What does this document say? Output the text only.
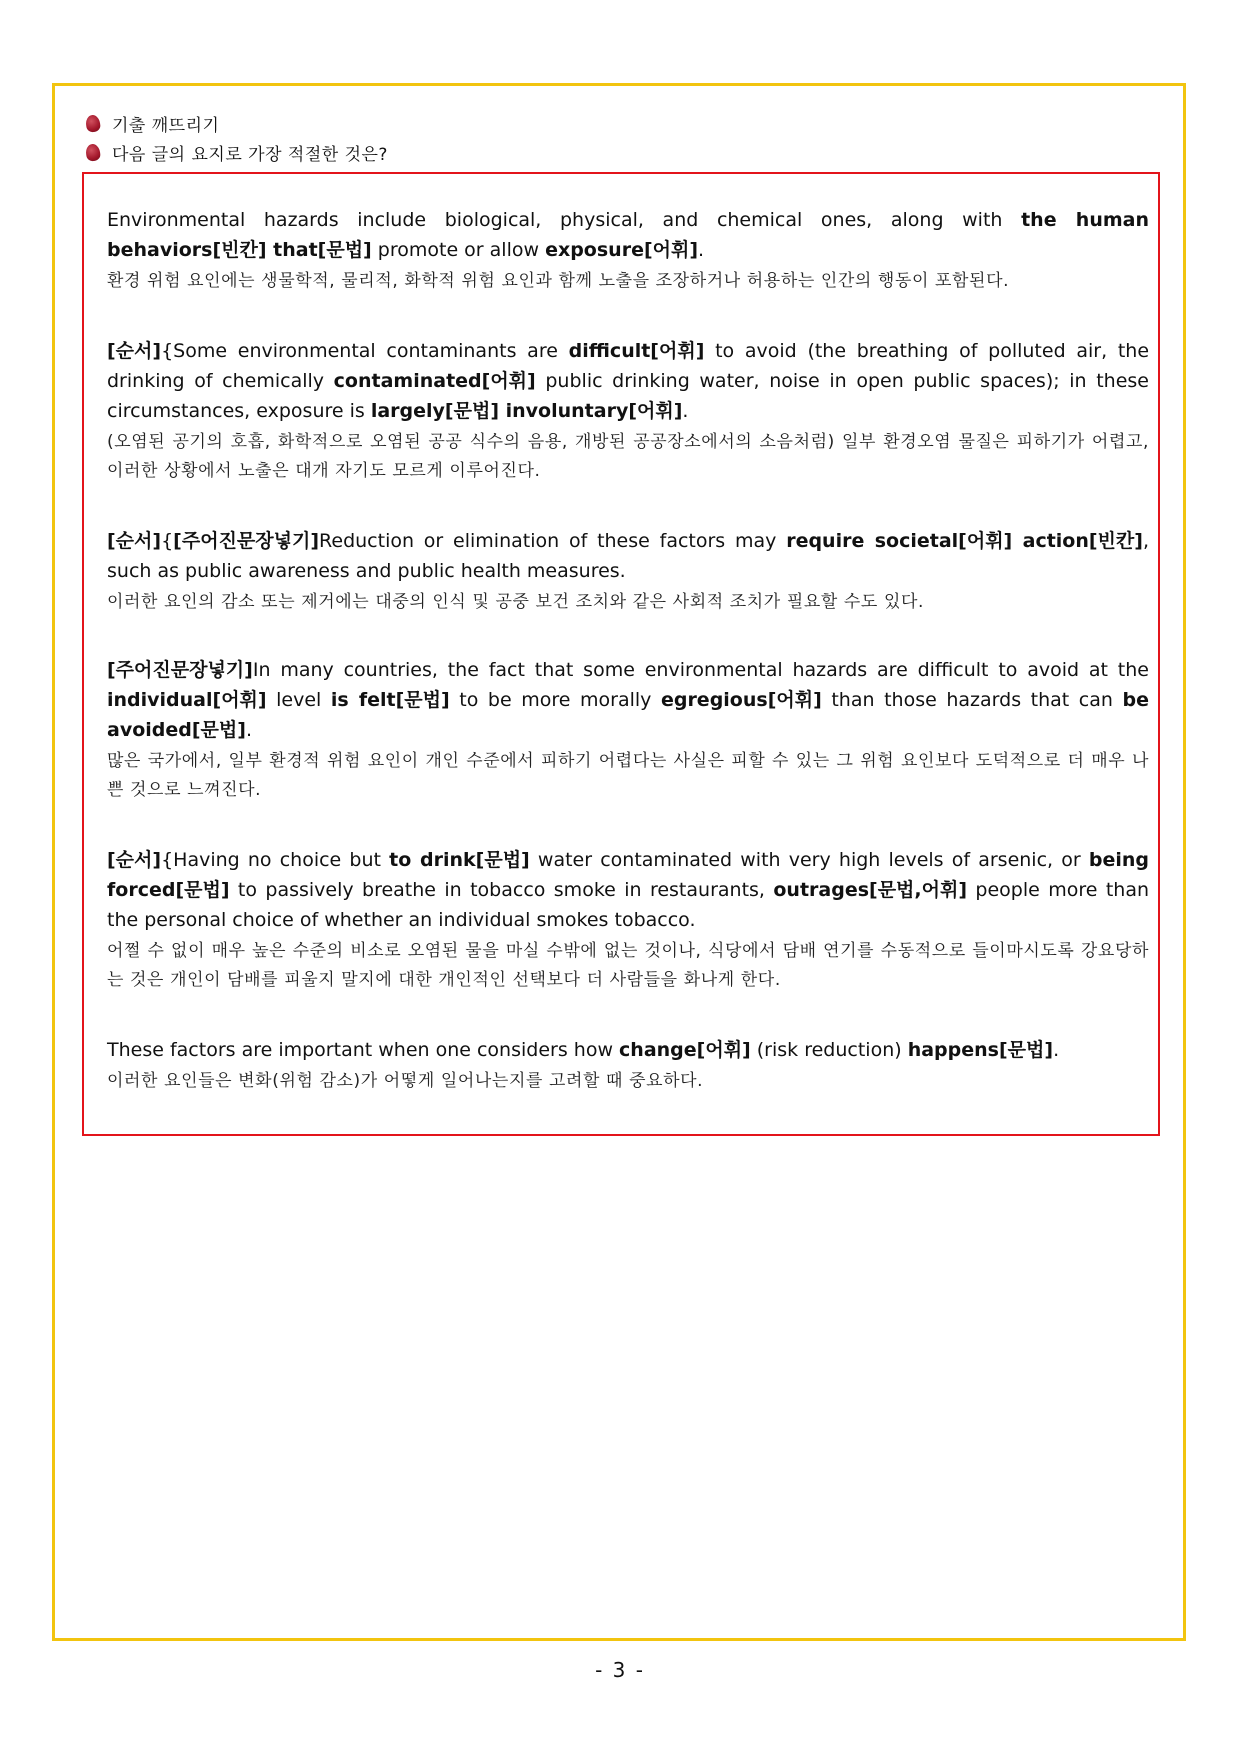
기출 깨뜨리기
다음 글의 요지로 가장 적절한 것은?

Environmental hazards include biological, physical, and chemical ones, along with the human behaviors[빈칸] that[문법] promote or allow exposure[어휘].

환경 위험 요인에는 생물학적, 물리적, 화학적 위험 요인과 함께 노출을 조장하거나 허용하는 인간의 행동이 포함된다.

[순서]{Some environmental contaminants are difficult[어휘] to avoid (the breathing of polluted air, the drinking of chemically contaminated[어휘] public drinking water, noise in open public spaces); in these circumstances, exposure is largely[문법] involuntary[어휘].

(오염된 공기의 호흡, 화학적으로 오염된 공공 식수의 음용, 개방된 공공장소에서의 소음처럼) 일부 환경오염 물질은 피하기가 어렵고, 이러한 상황에서 노출은 대개 자기도 모르게 이루어진다.

[순서]{[주어진문장넣기]Reduction or elimination of these factors may require societal[어휘] action[빈칸], such as public awareness and public health measures.

이러한 요인의 감소 또는 제거에는 대중의 인식 및 공중 보건 조치와 같은 사회적 조치가 필요할 수도 있다.

[주어진문장넣기]In many countries, the fact that some environmental hazards are difficult to avoid at the individual[어휘] level is felt[문법] to be more morally egregious[어휘] than those hazards that can be avoided[문법].

많은 국가에서, 일부 환경적 위험 요인이 개인 수준에서 피하기 어렵다는 사실은 피할 수 있는 그 위험 요인보다 도덕적으로 더 매우 나쁜 것으로 느껴진다.

[순서]{Having no choice but to drink[문법] water contaminated with very high levels of arsenic, or being forced[문법] to passively breathe in tobacco smoke in restaurants, outrages[문법,어휘] people more than the personal choice of whether an individual smokes tobacco.

어쩔 수 없이 매우 높은 수준의 비소로 오염된 물을 마실 수밖에 없는 것이나, 식당에서 담배 연기를 수동적으로 들이마시도록 강요당하는 것은 개인이 담배를 피울지 말지에 대한 개인적인 선택보다 더 사람들을 화나게 한다.

These factors are important when one considers how change[어휘] (risk reduction) happens[문법].

이러한 요인들은 변화(위험 감소)가 어떻게 일어나는지를 고려할 때 중요하다.

- 3 -
